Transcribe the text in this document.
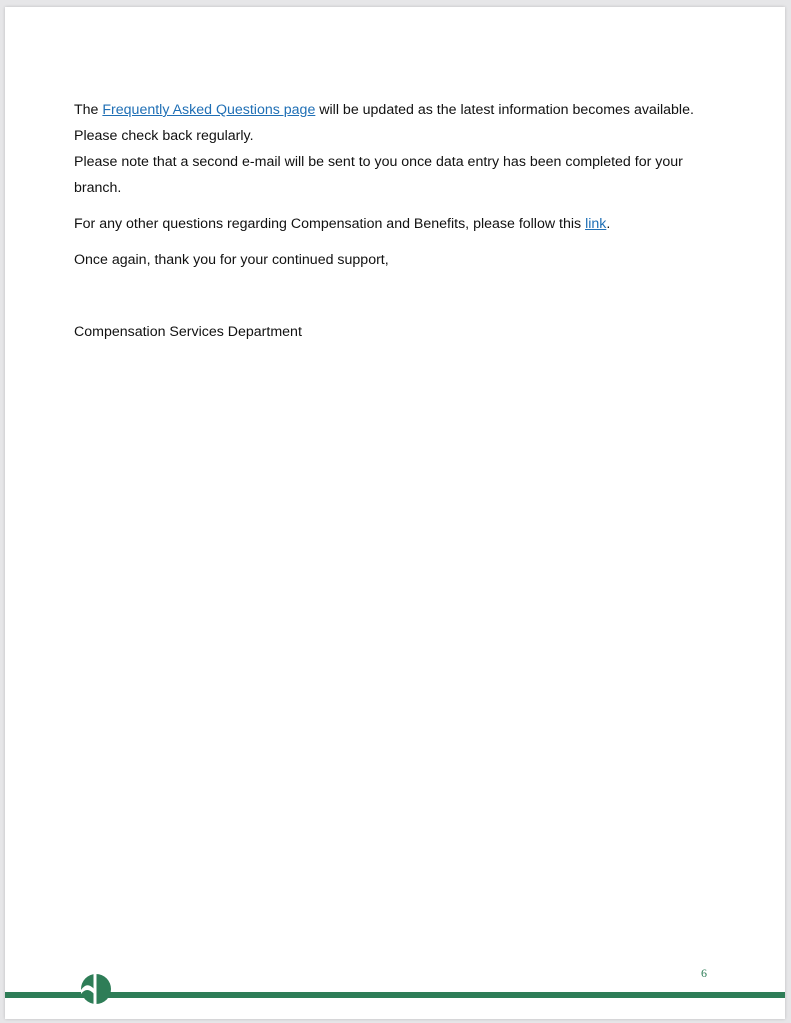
The Frequently Asked Questions page will be updated as the latest information becomes available. Please check back regularly.

Please note that a second e-mail will be sent to you once data entry has been completed for your branch.

For any other questions regarding Compensation and Benefits, please follow this link.

Once again, thank you for your continued support,

Compensation Services Department

6
